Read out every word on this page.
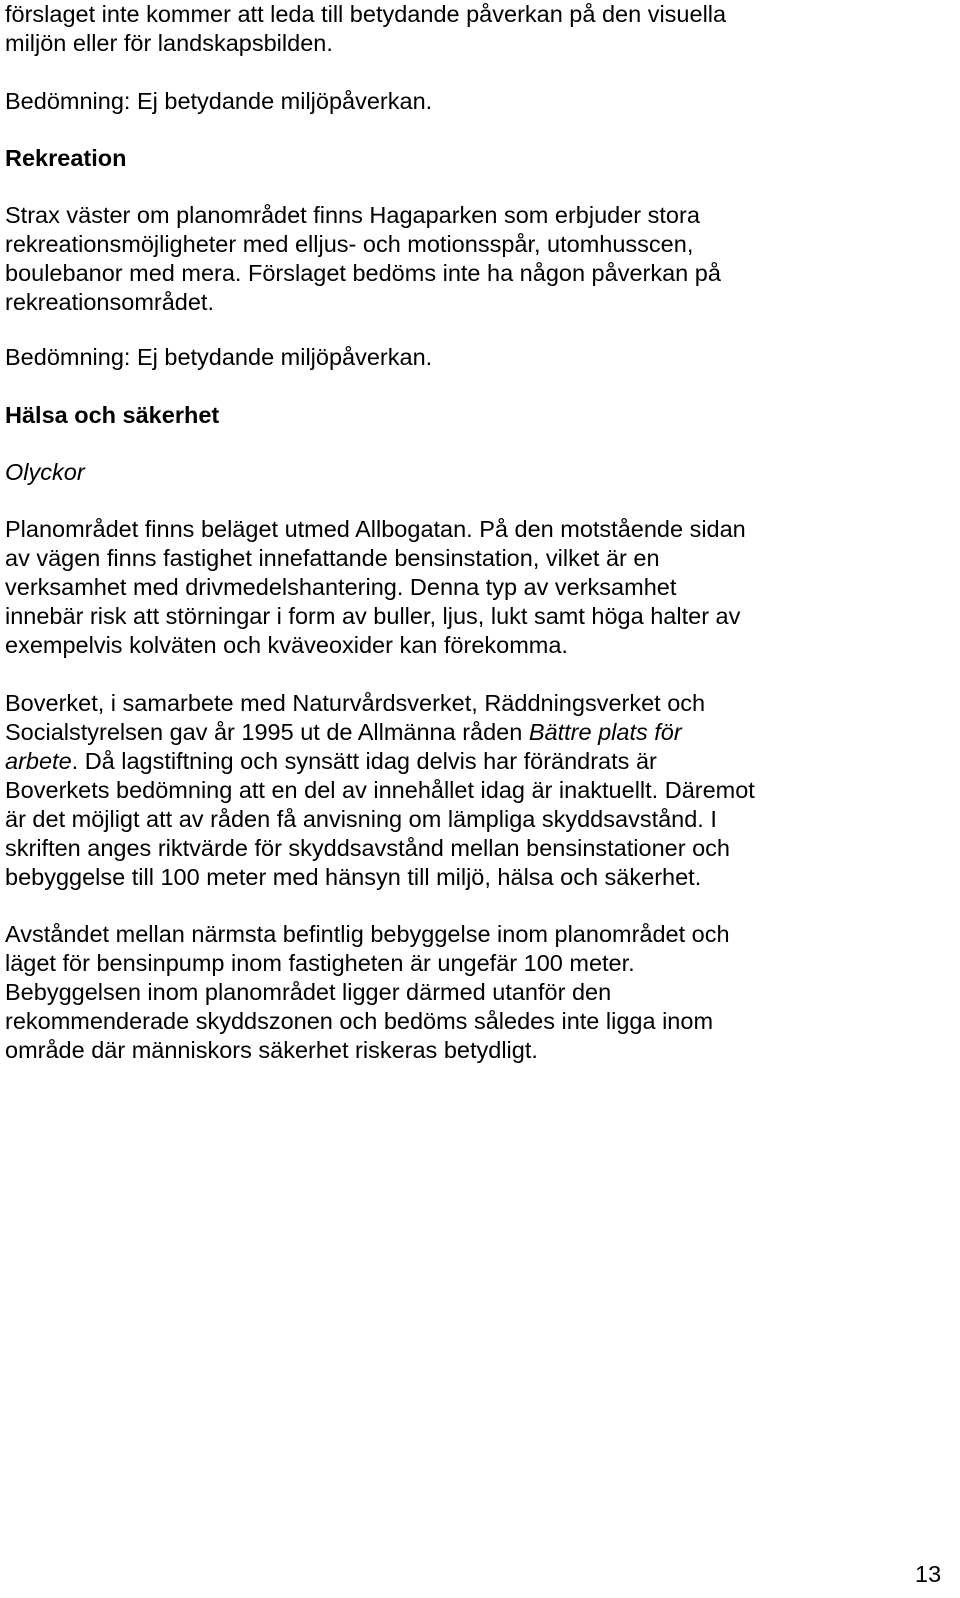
förslaget inte kommer att leda till betydande påverkan på den visuella
miljön eller för landskapsbilden.
Bedömning: Ej betydande miljöpåverkan.
Rekreation
Strax väster om planområdet finns Hagaparken som erbjuder stora
rekreationsmöjligheter med elljus- och motionsspår, utomhusscen,
boulebanor med mera. Förslaget bedöms inte ha någon påverkan på
rekreationsområdet.
Bedömning: Ej betydande miljöpåverkan.
Hälsa och säkerhet
Olyckor
Planområdet finns beläget utmed Allbogatan. På den motstående sidan
av vägen finns fastighet innefattande bensinstation, vilket är en
verksamhet med drivmedelshantering. Denna typ av verksamhet
innebär risk att störningar i form av buller, ljus, lukt samt höga halter av
exempelvis kolväten och kväveoxider kan förekomma.
Boverket, i samarbete med Naturvårdsverket, Räddningsverket och
Socialstyrelsen gav år 1995 ut de Allmänna råden Bättre plats för
arbete. Då lagstiftning och synsätt idag delvis har förändrats är
Boverkets bedömning att en del av innehållet idag är inaktuellt. Däremot
är det möjligt att av råden få anvisning om lämpliga skyddsavstånd. I
skriften anges riktvärde för skyddsavstånd mellan bensinstationer och
bebyggelse till 100 meter med hänsyn till miljö, hälsa och säkerhet.
Avståndet mellan närmsta befintlig bebyggelse inom planområdet och
läget för bensinpump inom fastigheten är ungefär 100 meter.
Bebyggelsen inom planområdet ligger därmed utanför den
rekommenderade skyddszonen och bedöms således inte ligga inom
område där människors säkerhet riskeras betydligt.
13
